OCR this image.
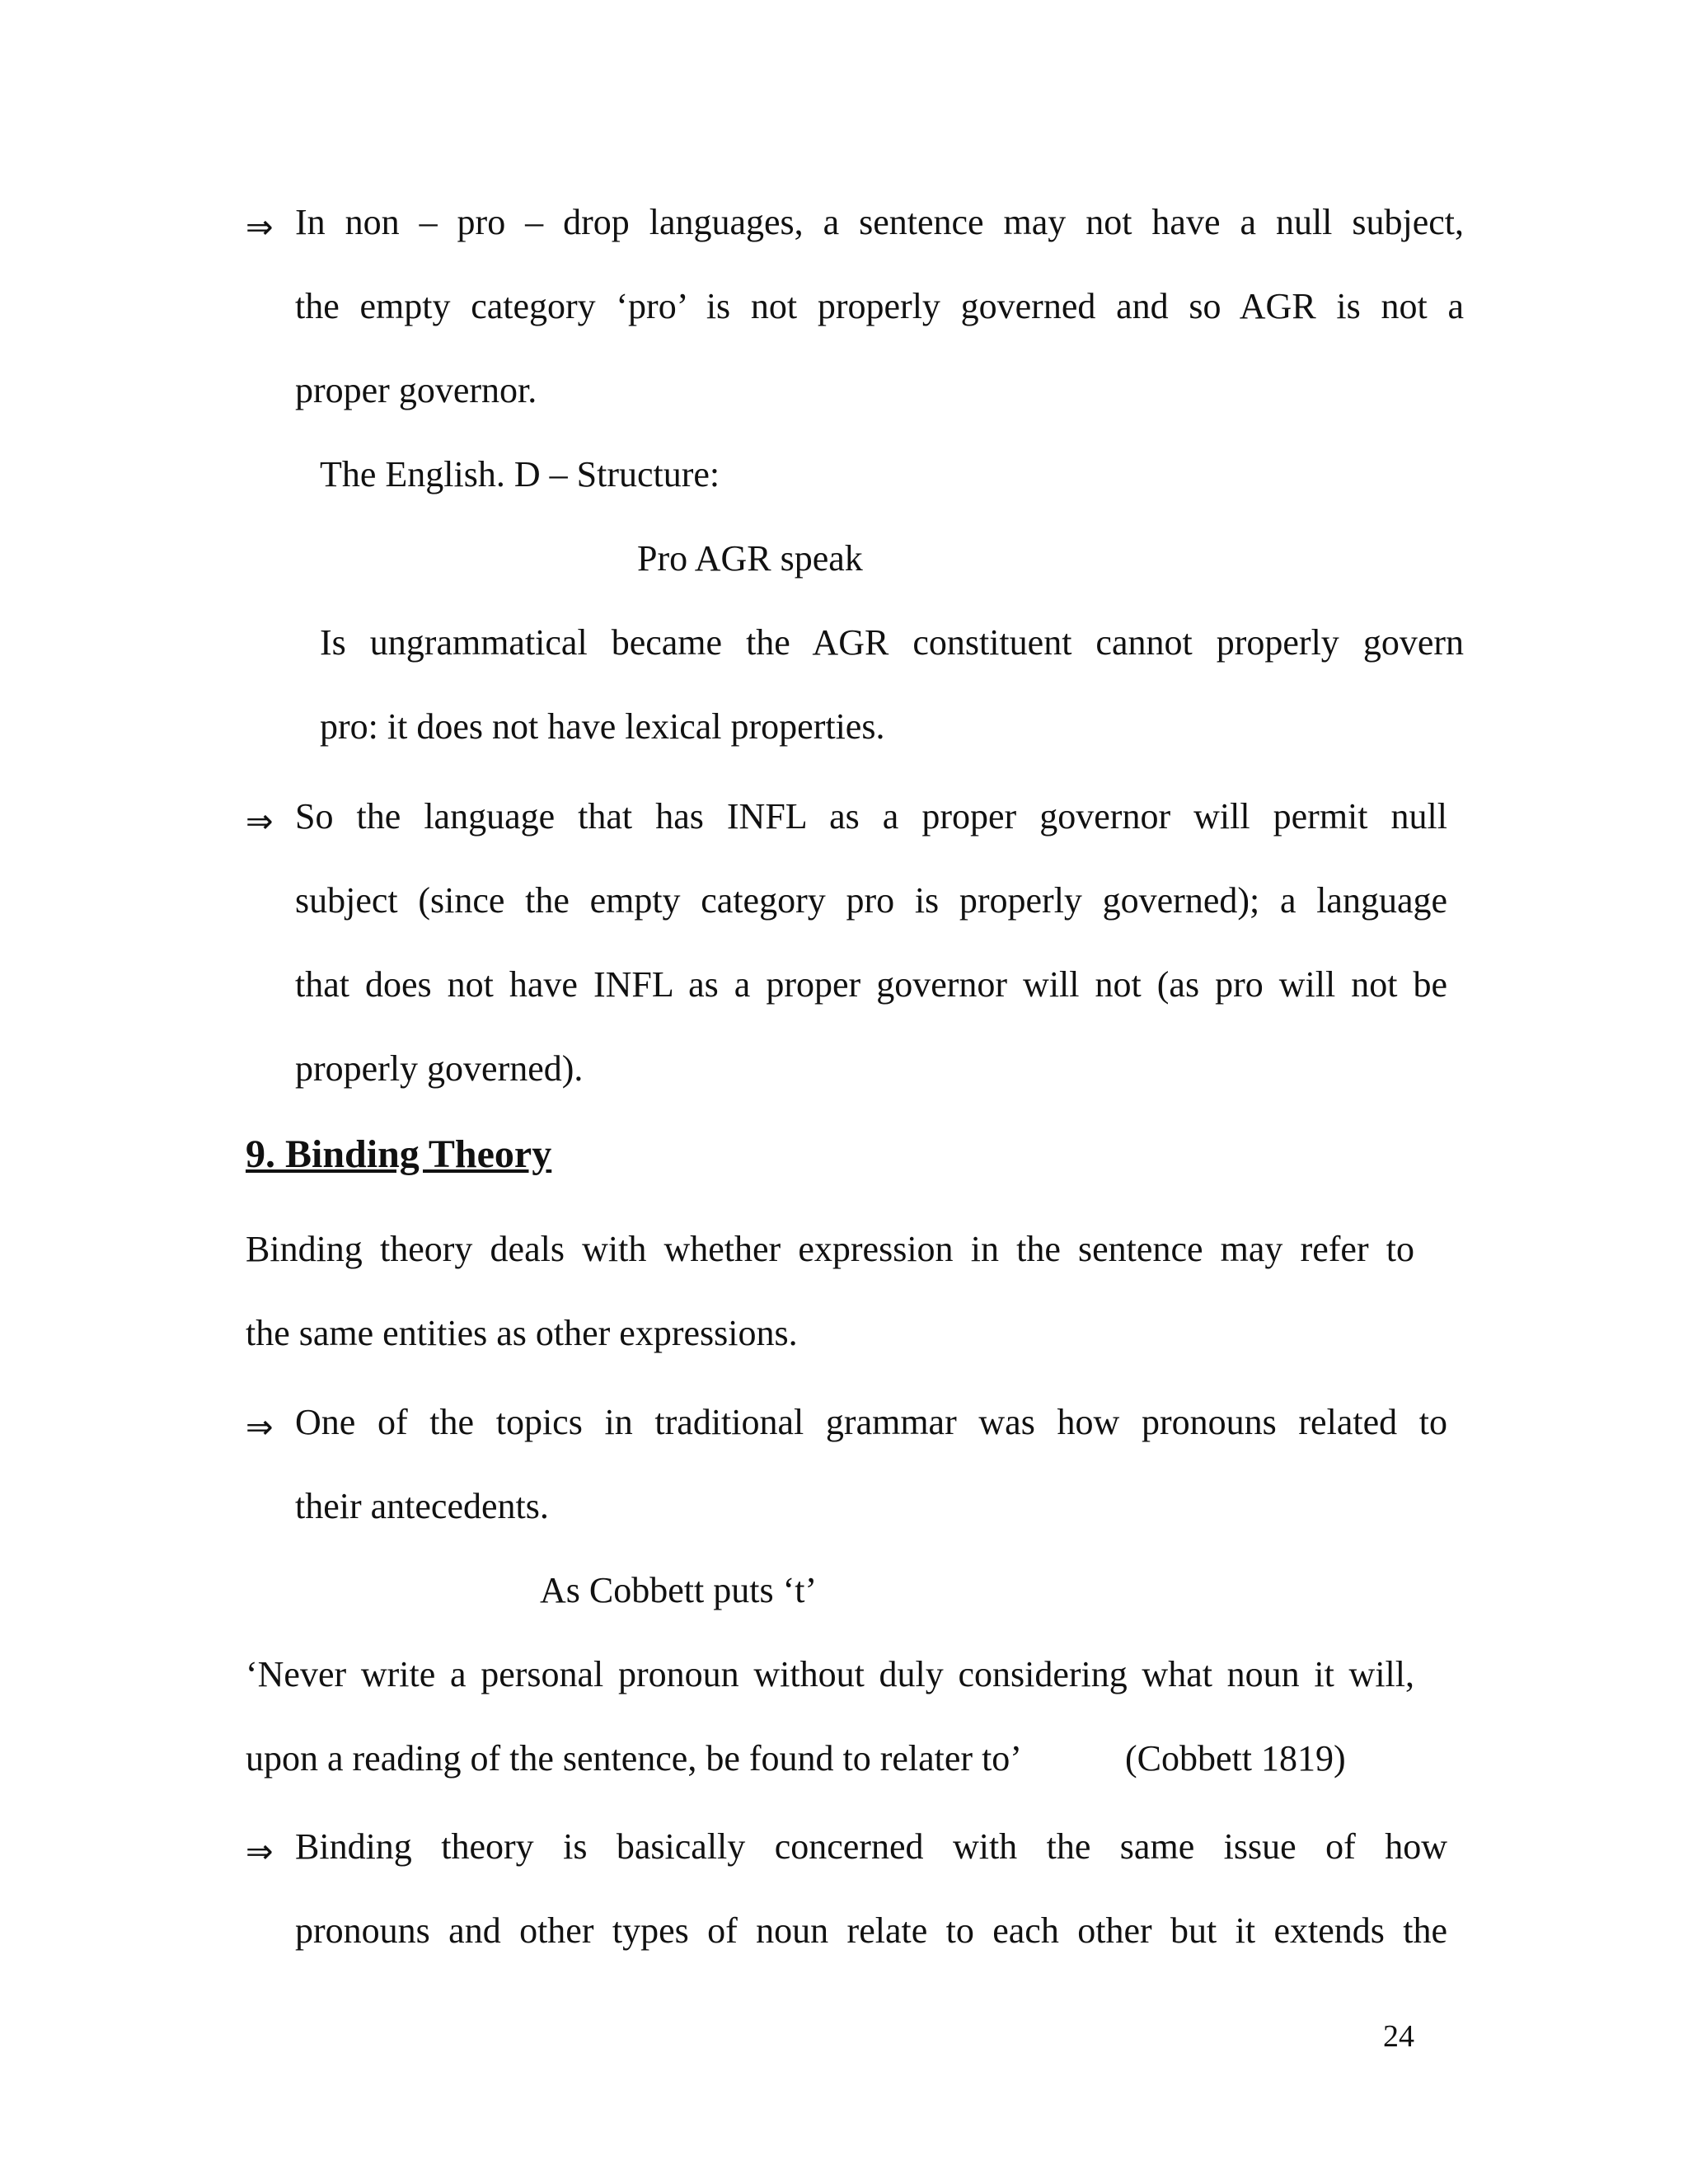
⇒ In non – pro – drop languages, a sentence may not have a null subject,
the empty category ‘pro’ is not properly governed and so AGR is not a
proper governor.
The English. D – Structure:
Pro AGR speak
Is ungrammatical became the AGR constituent cannot properly govern
pro: it does not have lexical properties.
⇒ So the language that has INFL as a proper governor will permit null
subject (since the empty category pro is properly governed); a language
that does not have INFL as a proper governor will not (as pro will not be
properly governed).
9. Binding Theory
Binding theory deals with whether expression in the sentence may refer to
the same entities as other expressions.
⇒ One of the topics in traditional grammar was how pronouns related to
their antecedents.
As Cobbett puts ‘t’
‘Never write a personal pronoun without duly considering what noun it will,
upon a reading of the sentence, be found to relater to’	(Cobbett 1819)
⇒ Binding theory is basically concerned with the same issue of how
pronouns and other types of noun relate to each other but it extends the
24
